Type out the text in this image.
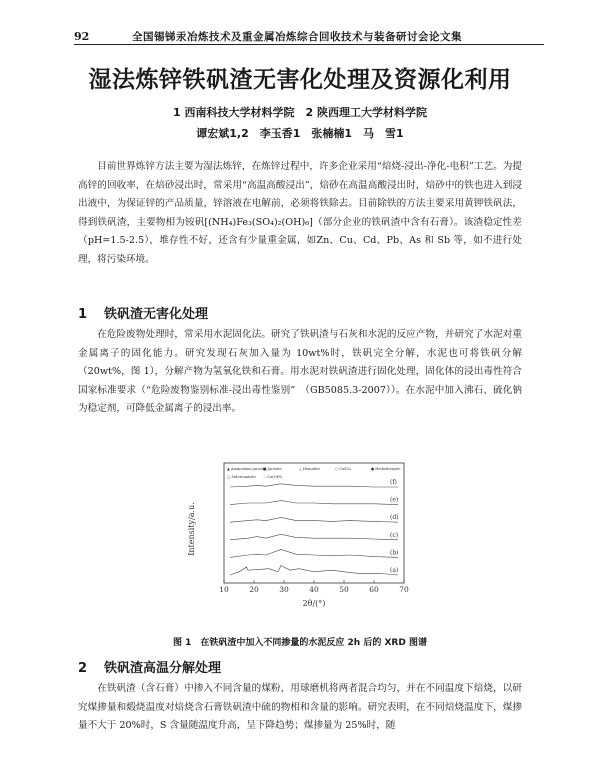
92	全国锡锑汞冶炼技术及重金属冶炼综合回收技术与装备研讨会论文集
湿法炼锌铁矾渣无害化处理及资源化利用
1 西南科技大学材料学院　2 陕西理工大学材料学院
谭宏斌1,2　李玉香1　张楠楠1　马　雪1
目前世界炼锌方法主要为湿法炼锌，在炼锌过程中，许多企业采用“焙烧-浸出-净化-电积”工艺。为提高锌的回收率，在焙砂浸出时，常采用“高温高酸浸出”，焙砂在高温高酸浸出时，焙砂中的铁也进入到浸出液中，为保证锌的产品质量，锌溶液在电解前，必须将铁除去。目前除铁的方法主要采用黄钾铁矾法，得到铁矾渣，主要物相为铵矾[(NH₄)Fe₃(SO₄)₂(OH)₆]（部分企业的铁矾渣中含有石膏）。该渣稳定性差（pH=1.5-2.5），堆存性不好，还含有少量重金属，如Zn、Cu、Cd、Pb、As 和 Sb 等，如不进行处理，将污染环境。
1 铁矾渣无害化处理
在危险废物处理时，常采用水泥固化法。研究了铁矾渣与石灰和水泥的反应产物，并研究了水泥对重金属离子的固化能力。研究发现石灰加入量为 10wt%时，铁矾完全分解，水泥也可将铁矾分解（20wt%，图 1），分解产物为氢氧化铁和石膏。用水泥对铁矾渣进行固化处理，固化体的浸出毒性符合国家标准要求（“危险废物鉴别标准-浸出毒性鉴别”　（GB5085.3-2007））。在水泥中加入沸石、硫化钠为稳定剂，可降低金属离子的浸出率。
▲ Ammonium jarosite
■ Jarosite	△ Hematite	○ CaSO₄	● Hedenbergite
□ Sideronatrite ☆ Ca(OH)₂
(a)
(b)
(c)
(d)
(e)
(f)
10	20	30	40	50	60	70
Intensity/a.u.
2θ/(°)
图 1　在铁矾渣中加入不同掺量的水泥反应 2h 后的 XRD 图谱
2 铁矾渣高温分解处理
在铁矾渣（含石膏）中掺入不同含量的煤粉，用球磨机将两者混合均匀，并在不同温度下焙烧，以研究煤掺量和煅烧温度对焙烧含石膏铁矾渣中硫的物相和含量的影响。研究表明，在不同焙烧温度下，煤掺量不大于 20%时，S 含量随温度升高，呈下降趋势；煤掺量为 25%时，随
